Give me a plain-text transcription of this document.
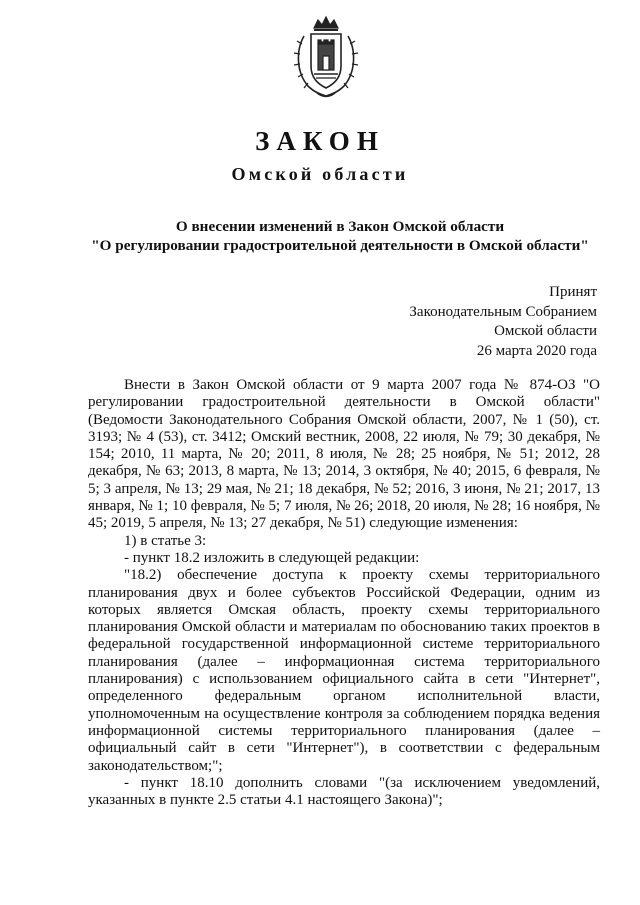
ЗАКОН
Омской области
О внесении изменений в Закон Омской области
"О регулировании градостроительной деятельности в Омской области"
Принят
Законодательным Собранием
Омской области
26 марта 2020 года

Внести в Закон Омской области от 9 марта 2007 года № 874-ОЗ "О регулировании градостроительной деятельности в Омской области" (Ведомости Законодательного Собрания Омской области, 2007, № 1 (50), ст. 3193; № 4 (53), ст. 3412; Омский вестник, 2008, 22 июля, № 79; 30 декабря, № 154; 2010, 11 марта, № 20; 2011, 8 июля, № 28; 25 ноября, № 51; 2012, 28 декабря, № 63; 2013, 8 марта, № 13; 2014, 3 октября, № 40; 2015, 6 февраля, № 5; 3 апреля, № 13; 29 мая, № 21; 18 декабря, № 52; 2016, 3 июня, № 21; 2017, 13 января, № 1; 10 февраля, № 5; 7 июля, № 26; 2018, 20 июля, № 28; 16 ноября, № 45; 2019, 5 апреля, № 13; 27 декабря, № 51) следующие изменения:

1) в статье 3:

- пункт 18.2 изложить в следующей редакции:

"18.2) обеспечение доступа к проекту схемы территориального планирования двух и более субъектов Российской Федерации, одним из которых является Омская область, проекту схемы территориального планирования Омской области и материалам по обоснованию таких проектов в федеральной государственной информационной системе территориального планирования (далее – информационная система территориального планирования) с использованием официального сайта в сети "Интернет", определенного федеральным органом исполнительной власти, уполномоченным на осуществление контроля за соблюдением порядка ведения информационной системы территориального планирования (далее – официальный сайт в сети "Интернет"), в соответствии с федеральным законодательством;";

- пункт 18.10 дополнить словами "(за исключением уведомлений, указанных в пункте 2.5 статьи 4.1 настоящего Закона)";
